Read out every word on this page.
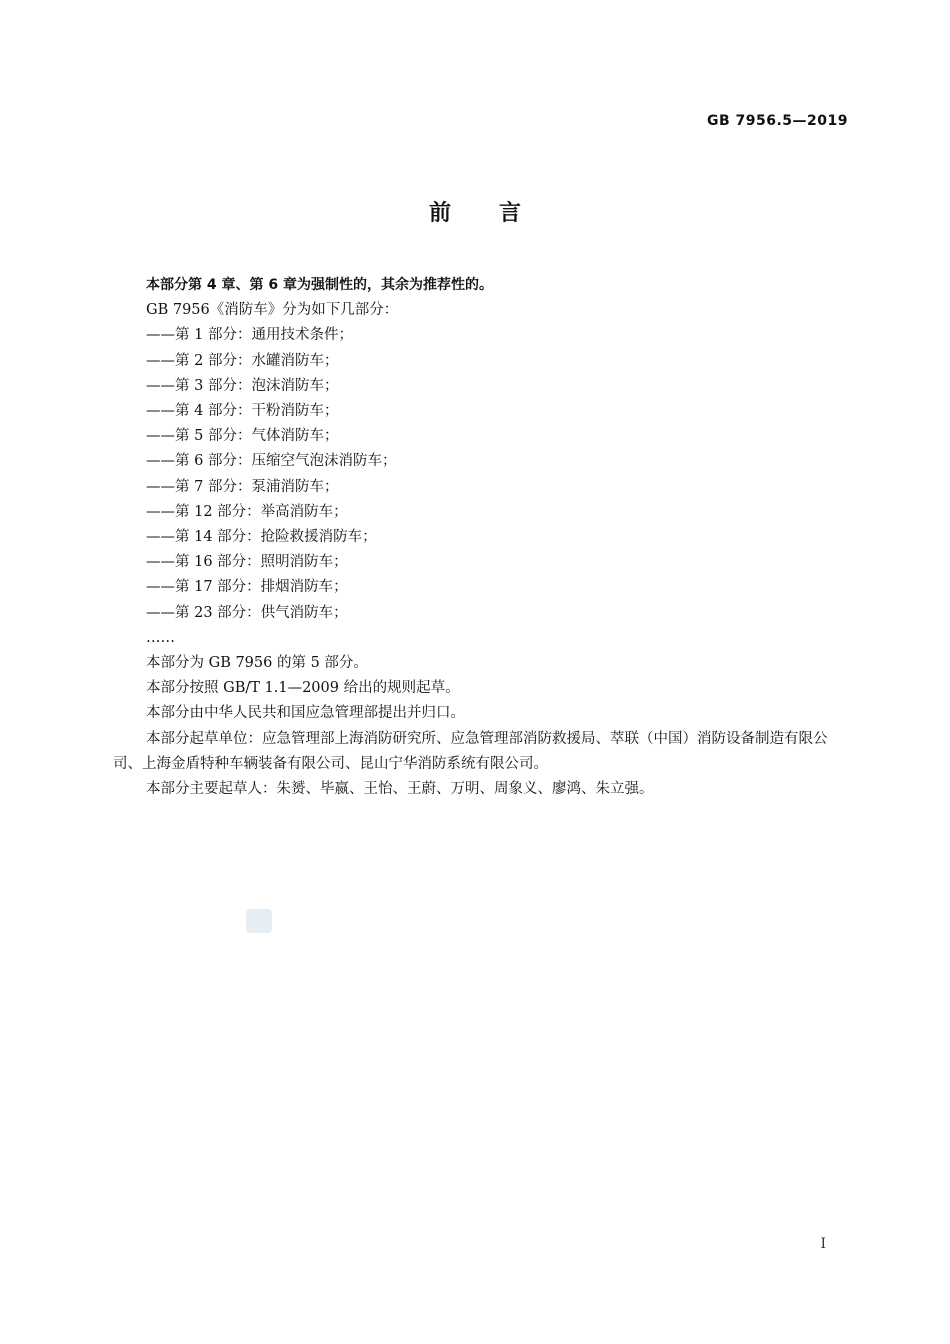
GB 7956.5—2019
前言

本部分第 4 章、第 6 章为强制性的，其余为推荐性的。

GB 7956《消防车》分为如下几部分：

——第 1 部分：通用技术条件；

——第 2 部分：水罐消防车；

——第 3 部分：泡沫消防车；

——第 4 部分：干粉消防车；

——第 5 部分：气体消防车；

——第 6 部分：压缩空气泡沫消防车；

——第 7 部分：泵浦消防车；

——第 12 部分：举高消防车；

——第 14 部分：抢险救援消防车；

——第 16 部分：照明消防车；

——第 17 部分：排烟消防车；

——第 23 部分：供气消防车；

……

本部分为 GB 7956 的第 5 部分。

本部分按照 GB/T 1.1—2009 给出的规则起草。

本部分由中华人民共和国应急管理部提出并归口。

本部分起草单位：应急管理部上海消防研究所、应急管理部消防救援局、萃联（中国）消防设备制造有限公司、上海金盾特种车辆装备有限公司、昆山宁华消防系统有限公司。

本部分主要起草人：朱赟、毕嬴、王怡、王蔚、万明、周象义、廖鸿、朱立强。

I
